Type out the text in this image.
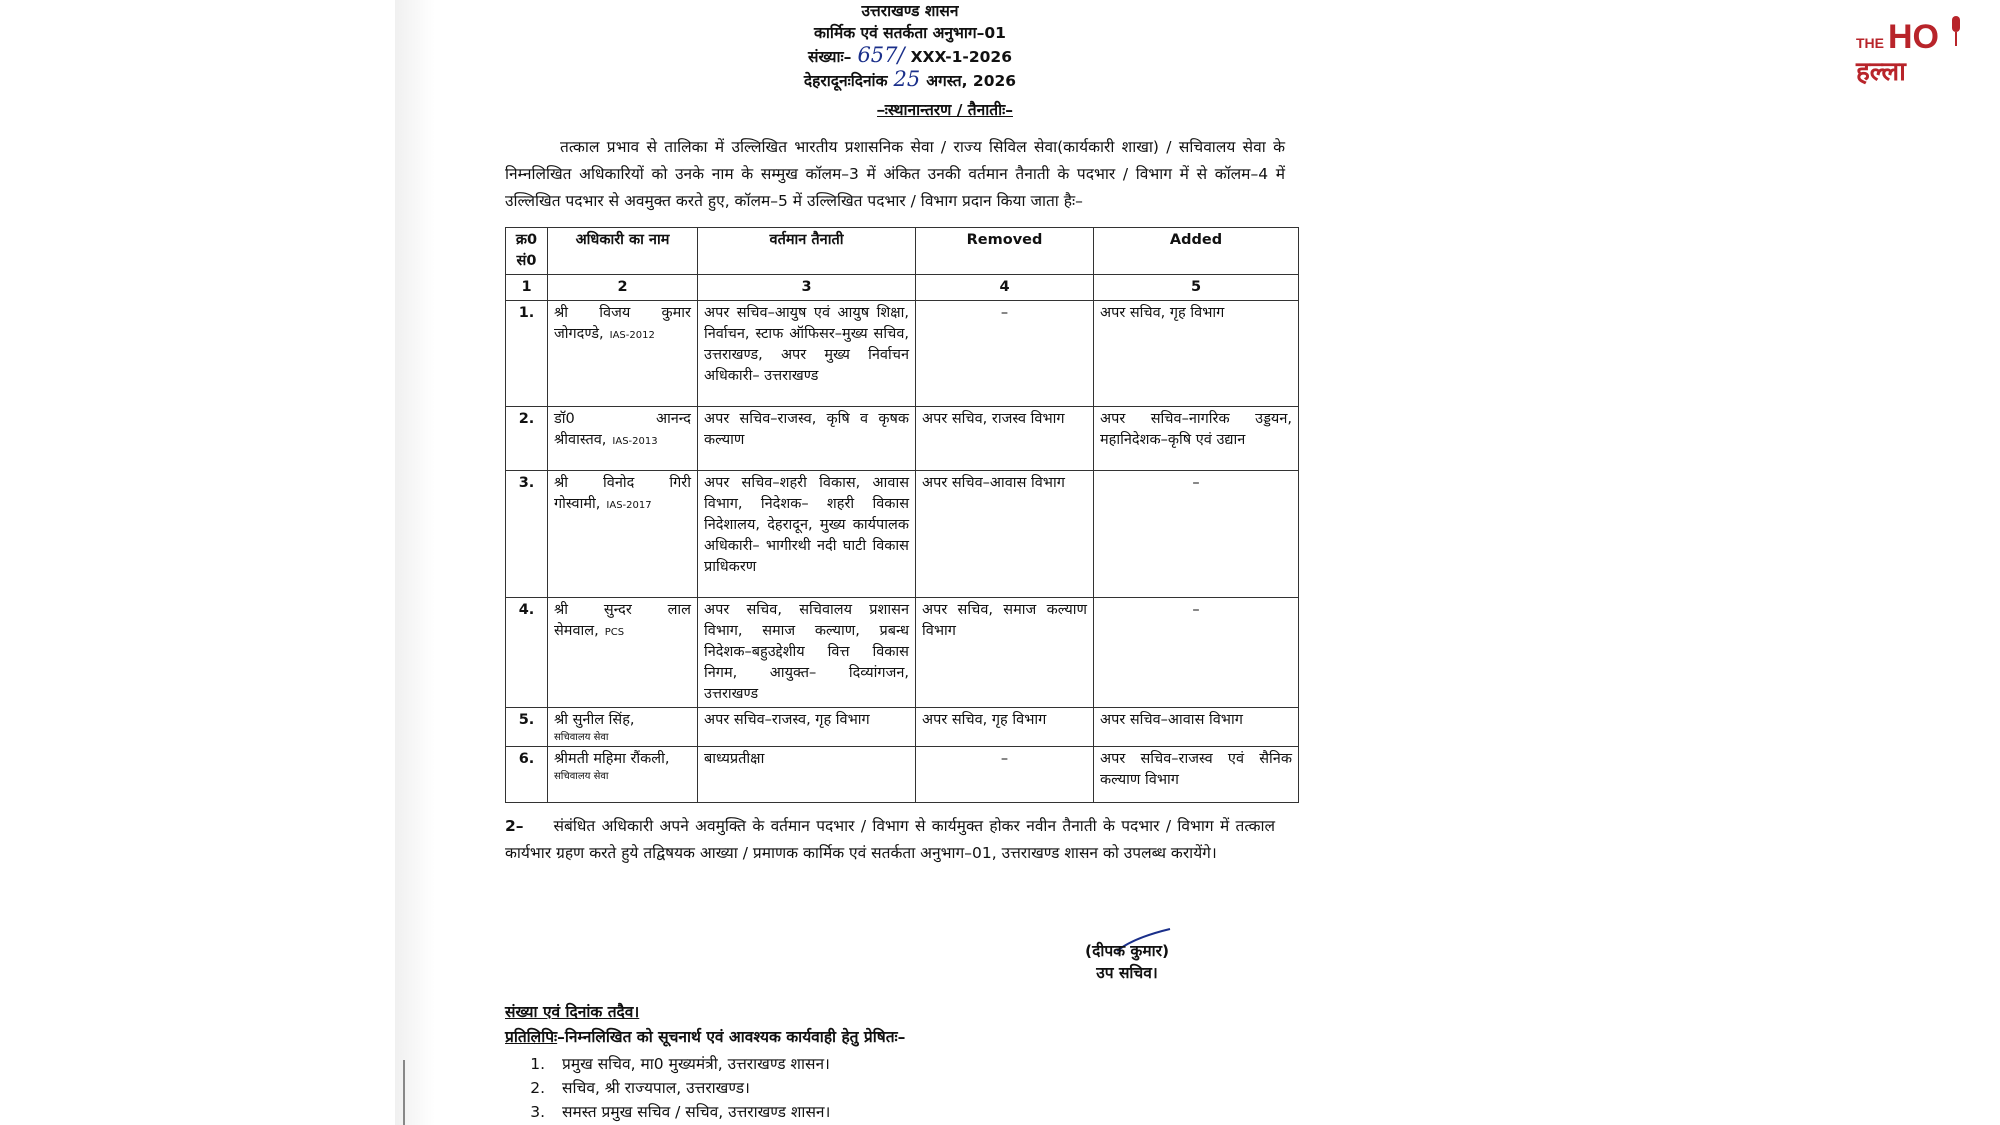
उत्तराखण्ड शासन
कार्मिक एवं सतर्कता अनुभाग–01
संख्याः– 657/ XXX-1-2026
देहरादूनःदिनांक 25 अगस्त, 2026
–ःस्थानान्तरण / तैनातीः–
तत्काल प्रभाव से तालिका में उल्लिखित भारतीय प्रशासनिक सेवा / राज्य सिविल सेवा(कार्यकारी शाखा) / सचिवालय सेवा के निम्नलिखित अधिकारियों को उनके नाम के सम्मुख कॉलम–3 में अंकित उनकी वर्तमान तैनाती के पदभार / विभाग में से कॉलम–4 में उल्लिखित पदभार से अवमुक्त करते हुए, कॉलम–5 में उल्लिखित पदभार / विभाग प्रदान किया जाता हैः–
क्र0 सं0	अधिकारी का नाम	वर्तमान तैनाती	Removed	Added
1	2	3	4	5
1.	श्री विजय कुमार जोगदण्डे, IAS-2012	अपर सचिव–आयुष एवं आयुष शिक्षा, निर्वाचन, स्टाफ ऑफिसर–मुख्य सचिव, उत्तराखण्ड, अपर मुख्य निर्वाचन अधिकारी– उत्तराखण्ड	–	अपर सचिव, गृह विभाग
2.	डॉ0 आनन्द श्रीवास्तव, IAS-2013	अपर सचिव–राजस्व, कृषि व कृषक कल्याण	अपर सचिव, राजस्व विभाग	अपर सचिव–नागरिक उड्डयन, महानिदेशक–कृषि एवं उद्यान
3.	श्री विनोद गिरी गोस्वामी, IAS-2017	अपर सचिव–शहरी विकास, आवास विभाग, निदेशक– शहरी विकास निदेशालय, देहरादून, मुख्य कार्यपालक अधिकारी– भागीरथी नदी घाटी विकास प्राधिकरण	अपर सचिव–आवास विभाग	–
4.	श्री सुन्दर लाल सेमवाल, PCS	अपर सचिव, सचिवालय प्रशासन विभाग, समाज कल्याण, प्रबन्ध निदेशक–बहुउद्देशीय वित्त विकास निगम, आयुक्त– दिव्यांगजन, उत्तराखण्ड	अपर सचिव, समाज कल्याण विभाग	–
5.	श्री सुनील सिंह,
सचिवालय सेवा	अपर सचिव–राजस्व, गृह विभाग	अपर सचिव, गृह विभाग	अपर सचिव–आवास विभाग
6.	श्रीमती महिमा रौंकली,
सचिवालय सेवा	बाध्यप्रतीक्षा	–	अपर सचिव–राजस्व एवं सैनिक कल्याण विभाग
2– संबंधित अधिकारी अपने अवमुक्ति के वर्तमान पदभार / विभाग से कार्यमुक्त होकर नवीन तैनाती के पदभार / विभाग में तत्काल कार्यभार ग्रहण करते हुये तद्विषयक आख्या / प्रमाणक कार्मिक एवं सतर्कता अनुभाग–01, उत्तराखण्ड शासन को उपलब्ध करायेंगे।
(दीपक कुमार)
उप सचिव।
संख्या एवं दिनांक तदैव।
प्रतिलिपिः–निम्नलिखित को सूचनार्थ एवं आवश्यक कार्यवाही हेतु प्रेषितः–
1. प्रमुख सचिव, मा0 मुख्यमंत्री, उत्तराखण्ड शासन।
2. सचिव, श्री राज्यपाल, उत्तराखण्ड।
3. समस्त प्रमुख सचिव / सचिव, उत्तराखण्ड शासन।
THE HO
हल्ला
